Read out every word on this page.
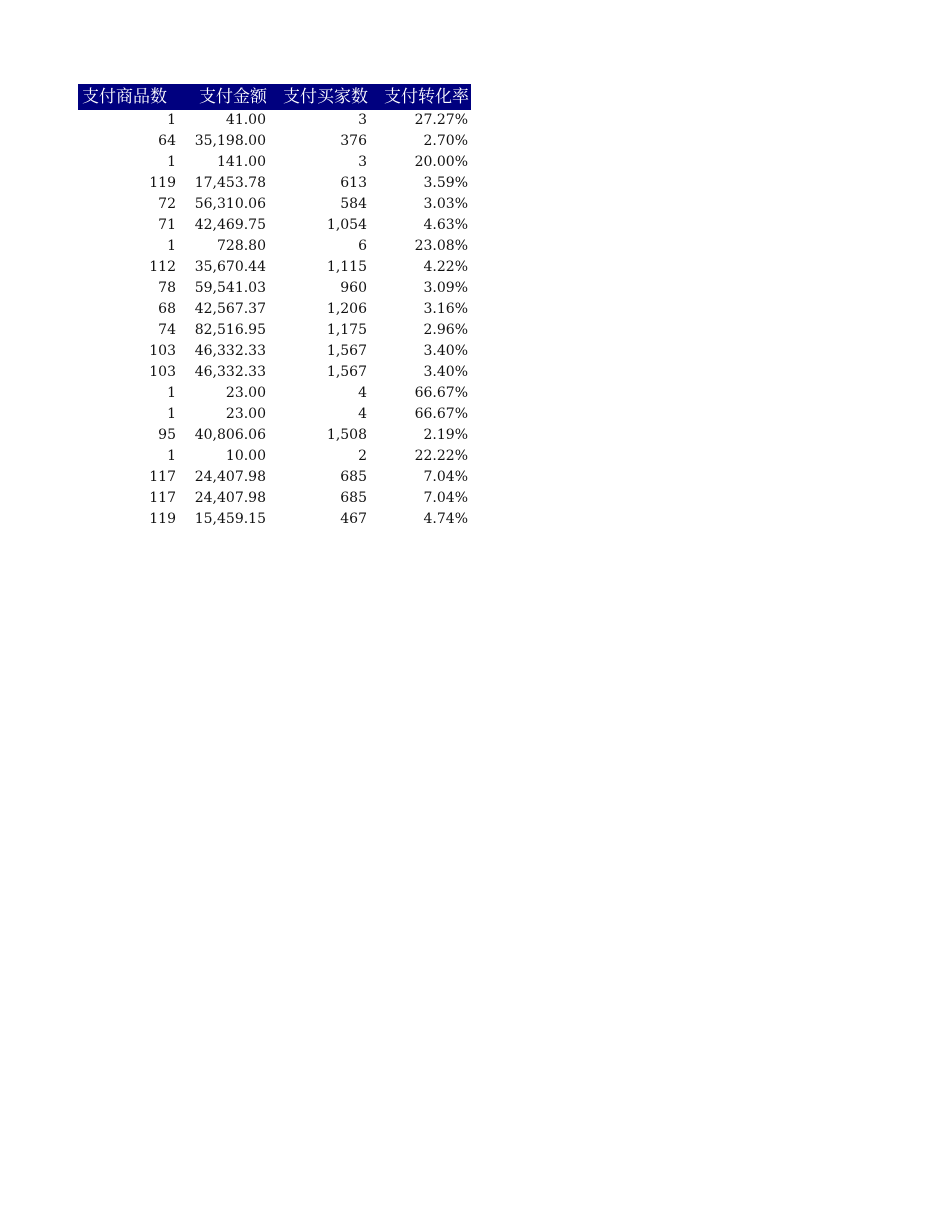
支付商品数	支付金额	支付买家数	支付转化率
1	41.00	3	27.27%
64	35,198.00	376	2.70%
1	141.00	3	20.00%
119	17,453.78	613	3.59%
72	56,310.06	584	3.03%
71	42,469.75	1,054	4.63%
1	728.80	6	23.08%
112	35,670.44	1,115	4.22%
78	59,541.03	960	3.09%
68	42,567.37	1,206	3.16%
74	82,516.95	1,175	2.96%
103	46,332.33	1,567	3.40%
103	46,332.33	1,567	3.40%
1	23.00	4	66.67%
1	23.00	4	66.67%
95	40,806.06	1,508	2.19%
1	10.00	2	22.22%
117	24,407.98	685	7.04%
117	24,407.98	685	7.04%
119	15,459.15	467	4.74%
